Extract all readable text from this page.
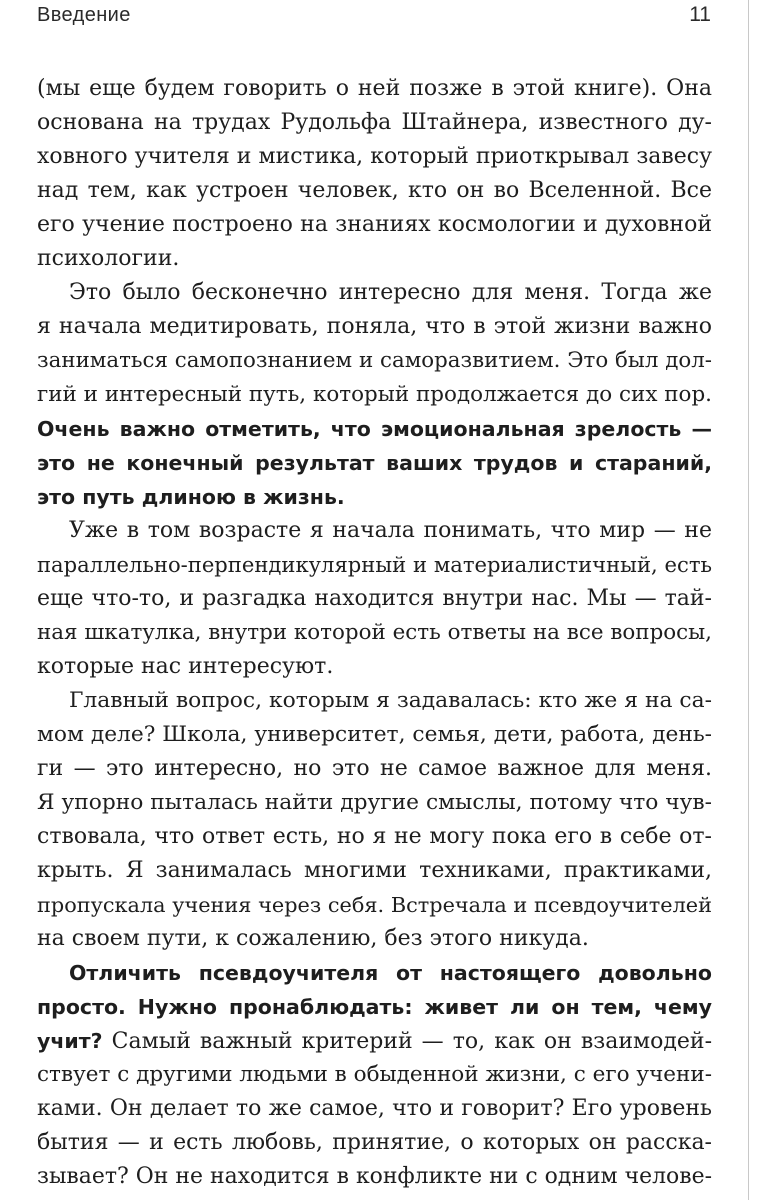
Введение	11
(мы еще будем говорить о ней позже в этой книге). Она
основана на трудах Рудольфа Штайнера, известного ду-
ховного учителя и мистика, который приоткрывал завесу
над тем, как устроен человек, кто он во Вселенной. Все
его учение построено на знаниях космологии и духовной
психологии.
Это было бесконечно интересно для меня. Тогда же
я начала медитировать, поняла, что в этой жизни важно
заниматься самопознанием и саморазвитием. Это был дол-
гий и интересный путь, который продолжается до сих пор.
Очень важно отметить, что эмоциональная зрелость —
это не конечный результат ваших трудов и стараний,
это путь длиною в жизнь.
Уже в том возрасте я начала понимать, что мир — не
параллельно-перпендикулярный и материалистичный, есть
еще что-то, и разгадка находится внутри нас. Мы — тай-
ная шкатулка, внутри которой есть ответы на все вопросы,
которые нас интересуют.
Главный вопрос, которым я задавалась: кто же я на са-
мом деле? Школа, университет, семья, дети, работа, день-
ги — это интересно, но это не самое важное для меня.
Я упорно пыталась найти другие смыслы, потому что чув-
ствовала, что ответ есть, но я не могу пока его в себе от-
крыть. Я занималась многими техниками, практиками,
пропускала учения через себя. Встречала и псевдоучителей
на своем пути, к сожалению, без этого никуда.
Отличить псевдоучителя от настоящего довольно
просто. Нужно пронаблюдать: живет ли он тем, чему
учит? Самый важный критерий — то, как он взаимодей-
ствует с другими людьми в обыденной жизни, с его учени-
ками. Он делает то же самое, что и говорит? Его уровень
бытия — и есть любовь, принятие, о которых он расска-
зывает? Он не находится в конфликте ни с одним челове-
